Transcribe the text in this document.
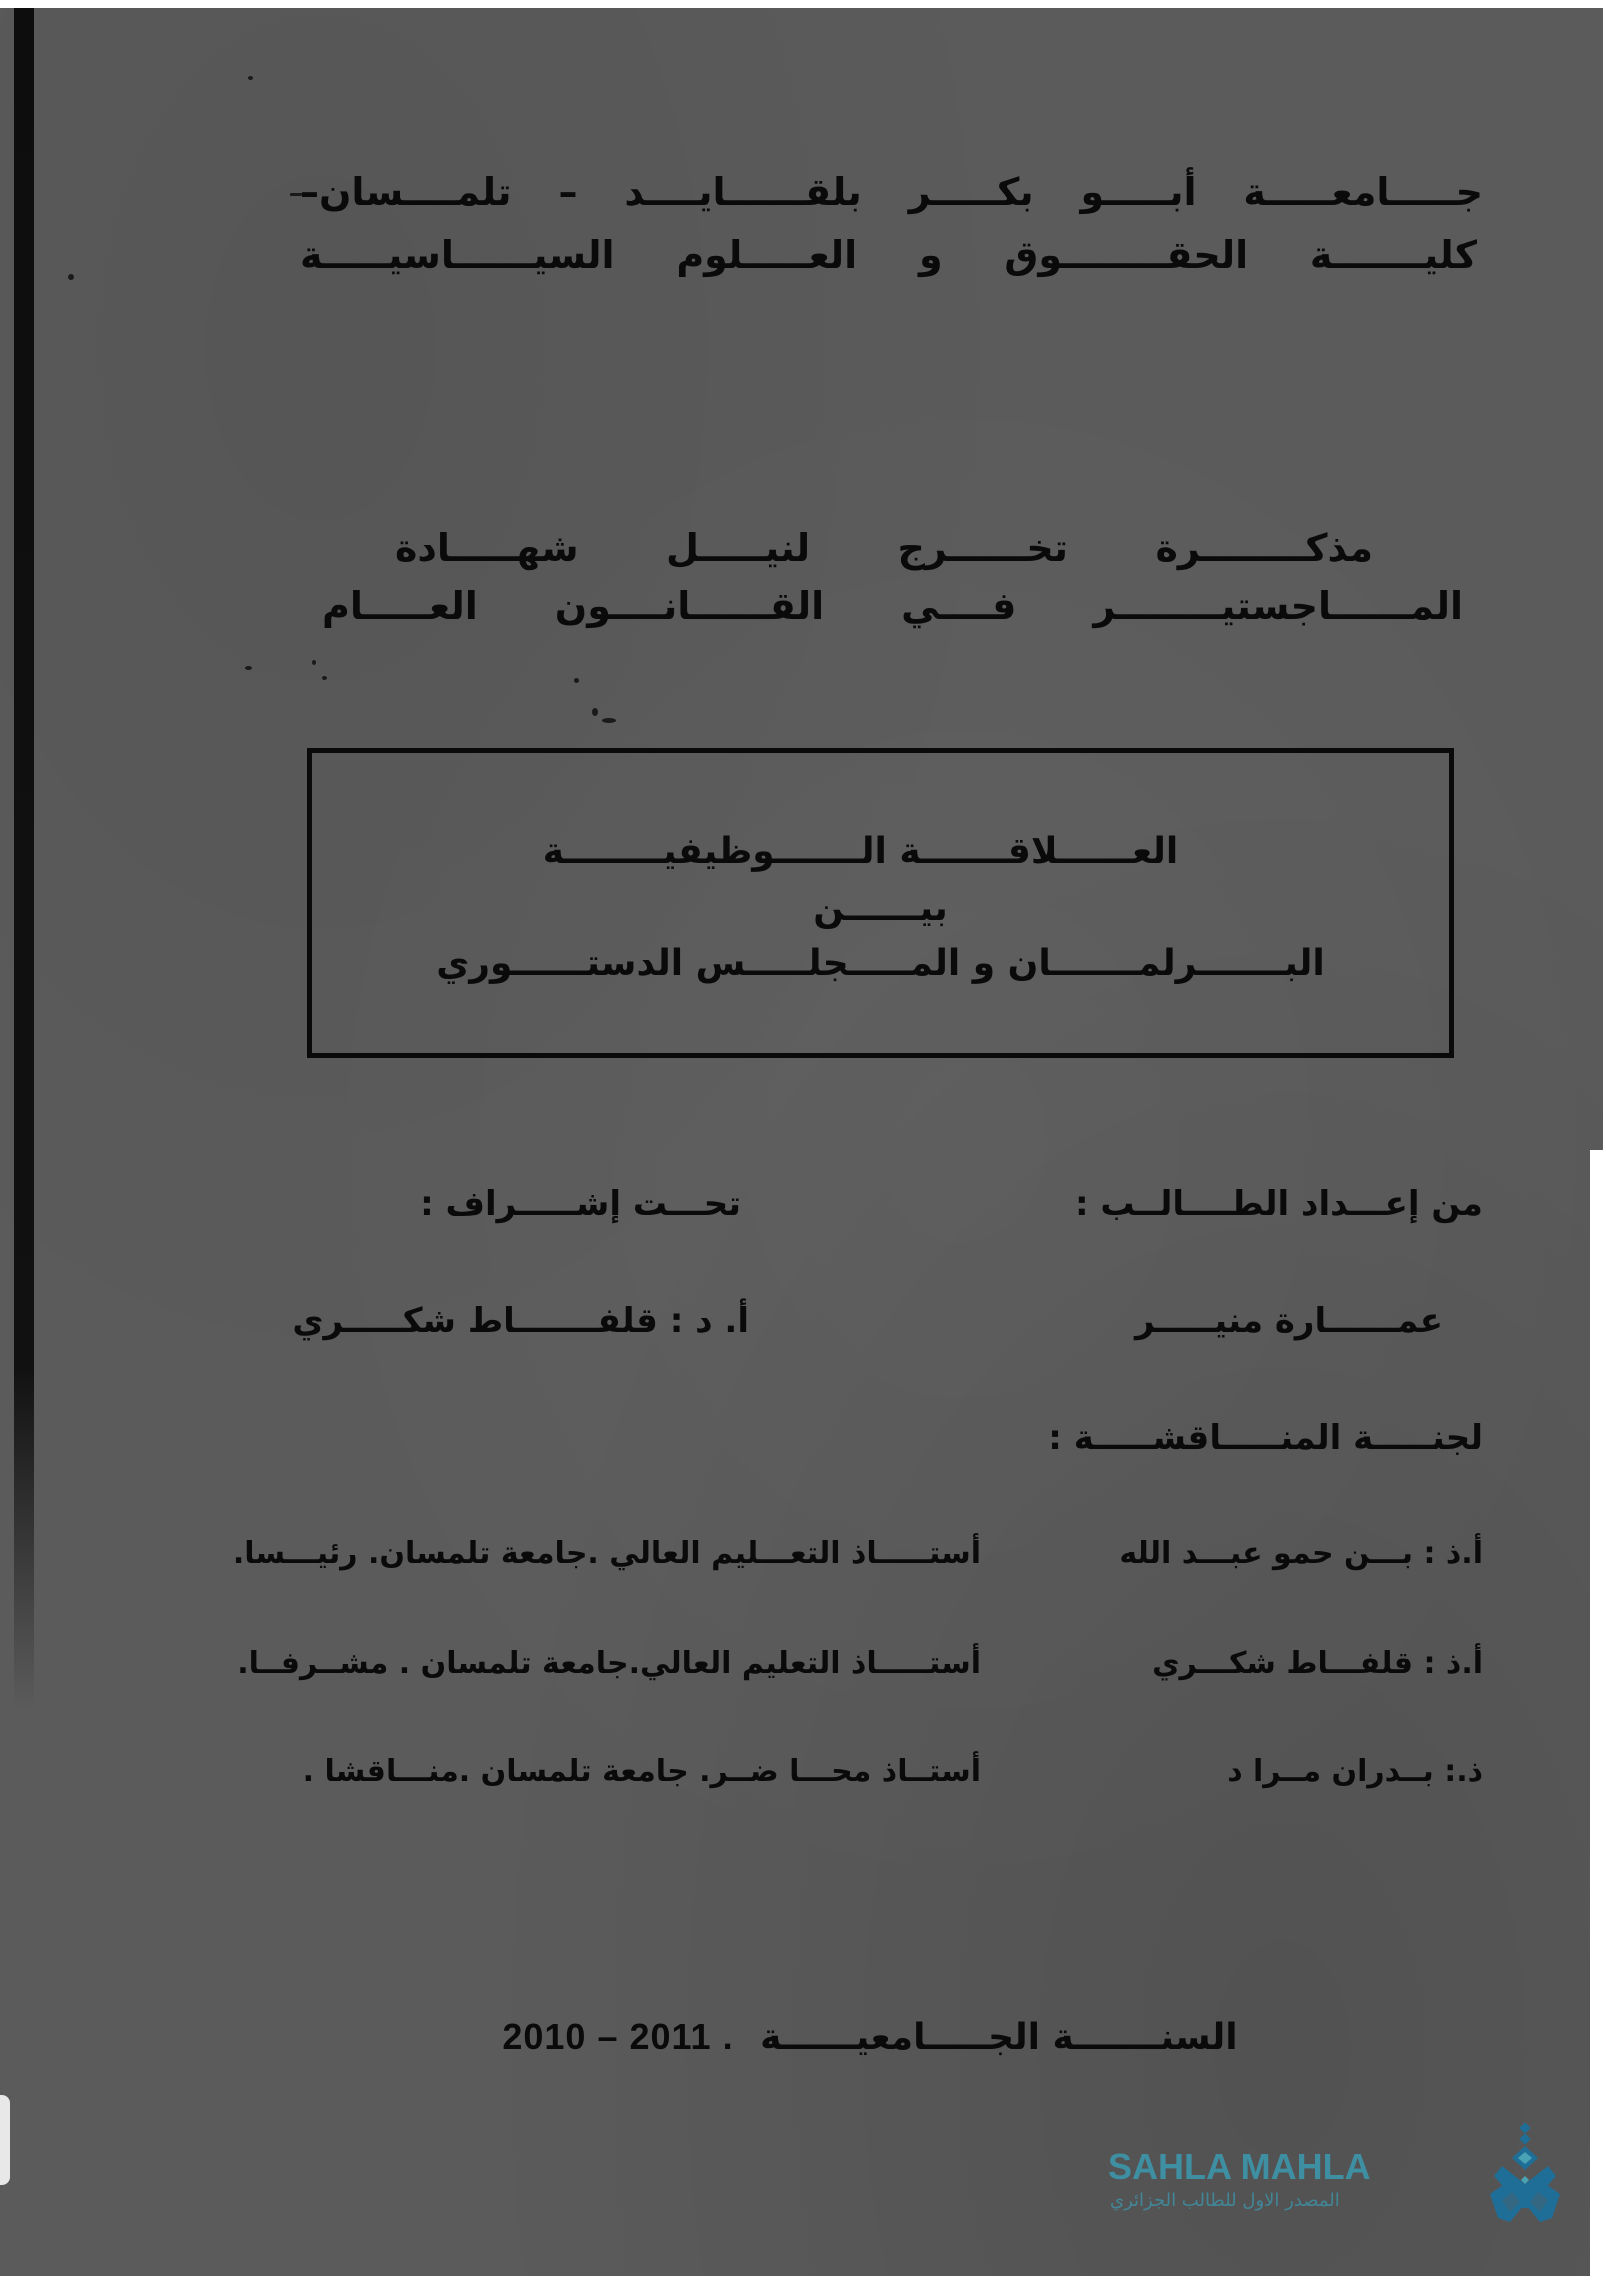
جـــــامعـــــة أبـــــو بكـــــر بلقــــــايــــد – تلمــــسان–
كليـــــــة الحقــــــــوق و العـــــلوم السيــــــاسيـــــة
مذكــــــــرة تخــــــرج لنيـــــل شهـــــادة
المــــــاجستيــــــــر فــــي القــــــانــــون العـــــام
العــــــلاقـــــــة الـــــــوظيفيــــــــة
بيــــــن
البـــــــرلمـــــــان و المـــــجلـــــس الدستــــــوري
من إعـــداد الطــــالــب :
تحـــت إشـــــراف :
عمــــــارة منيـــــر
أ. د : قلفـــــــاط شكـــــري
لجنـــــة المنـــــاقشـــــة :
أ.ذ : بـــن حمو عبـــد الله
أستـــــاذ التعـــليم العالي .جامعة تلمسان. رئيـــسا.
أ.ذ : قلفـــاط شكـــري
أستـــــاذ التعليم العالي.جامعة تلمسان . مشــرفــا.
ذ.: بــدران مــرا د
أستــاذ محـــا ضــر. جامعة تلمسان .منـــاقشا .
السنـــــــة الجـــــامعيــــــة 2010 – 2011 .
SAHLA MAHLA
المصدر الاول للطالب الجزائري
